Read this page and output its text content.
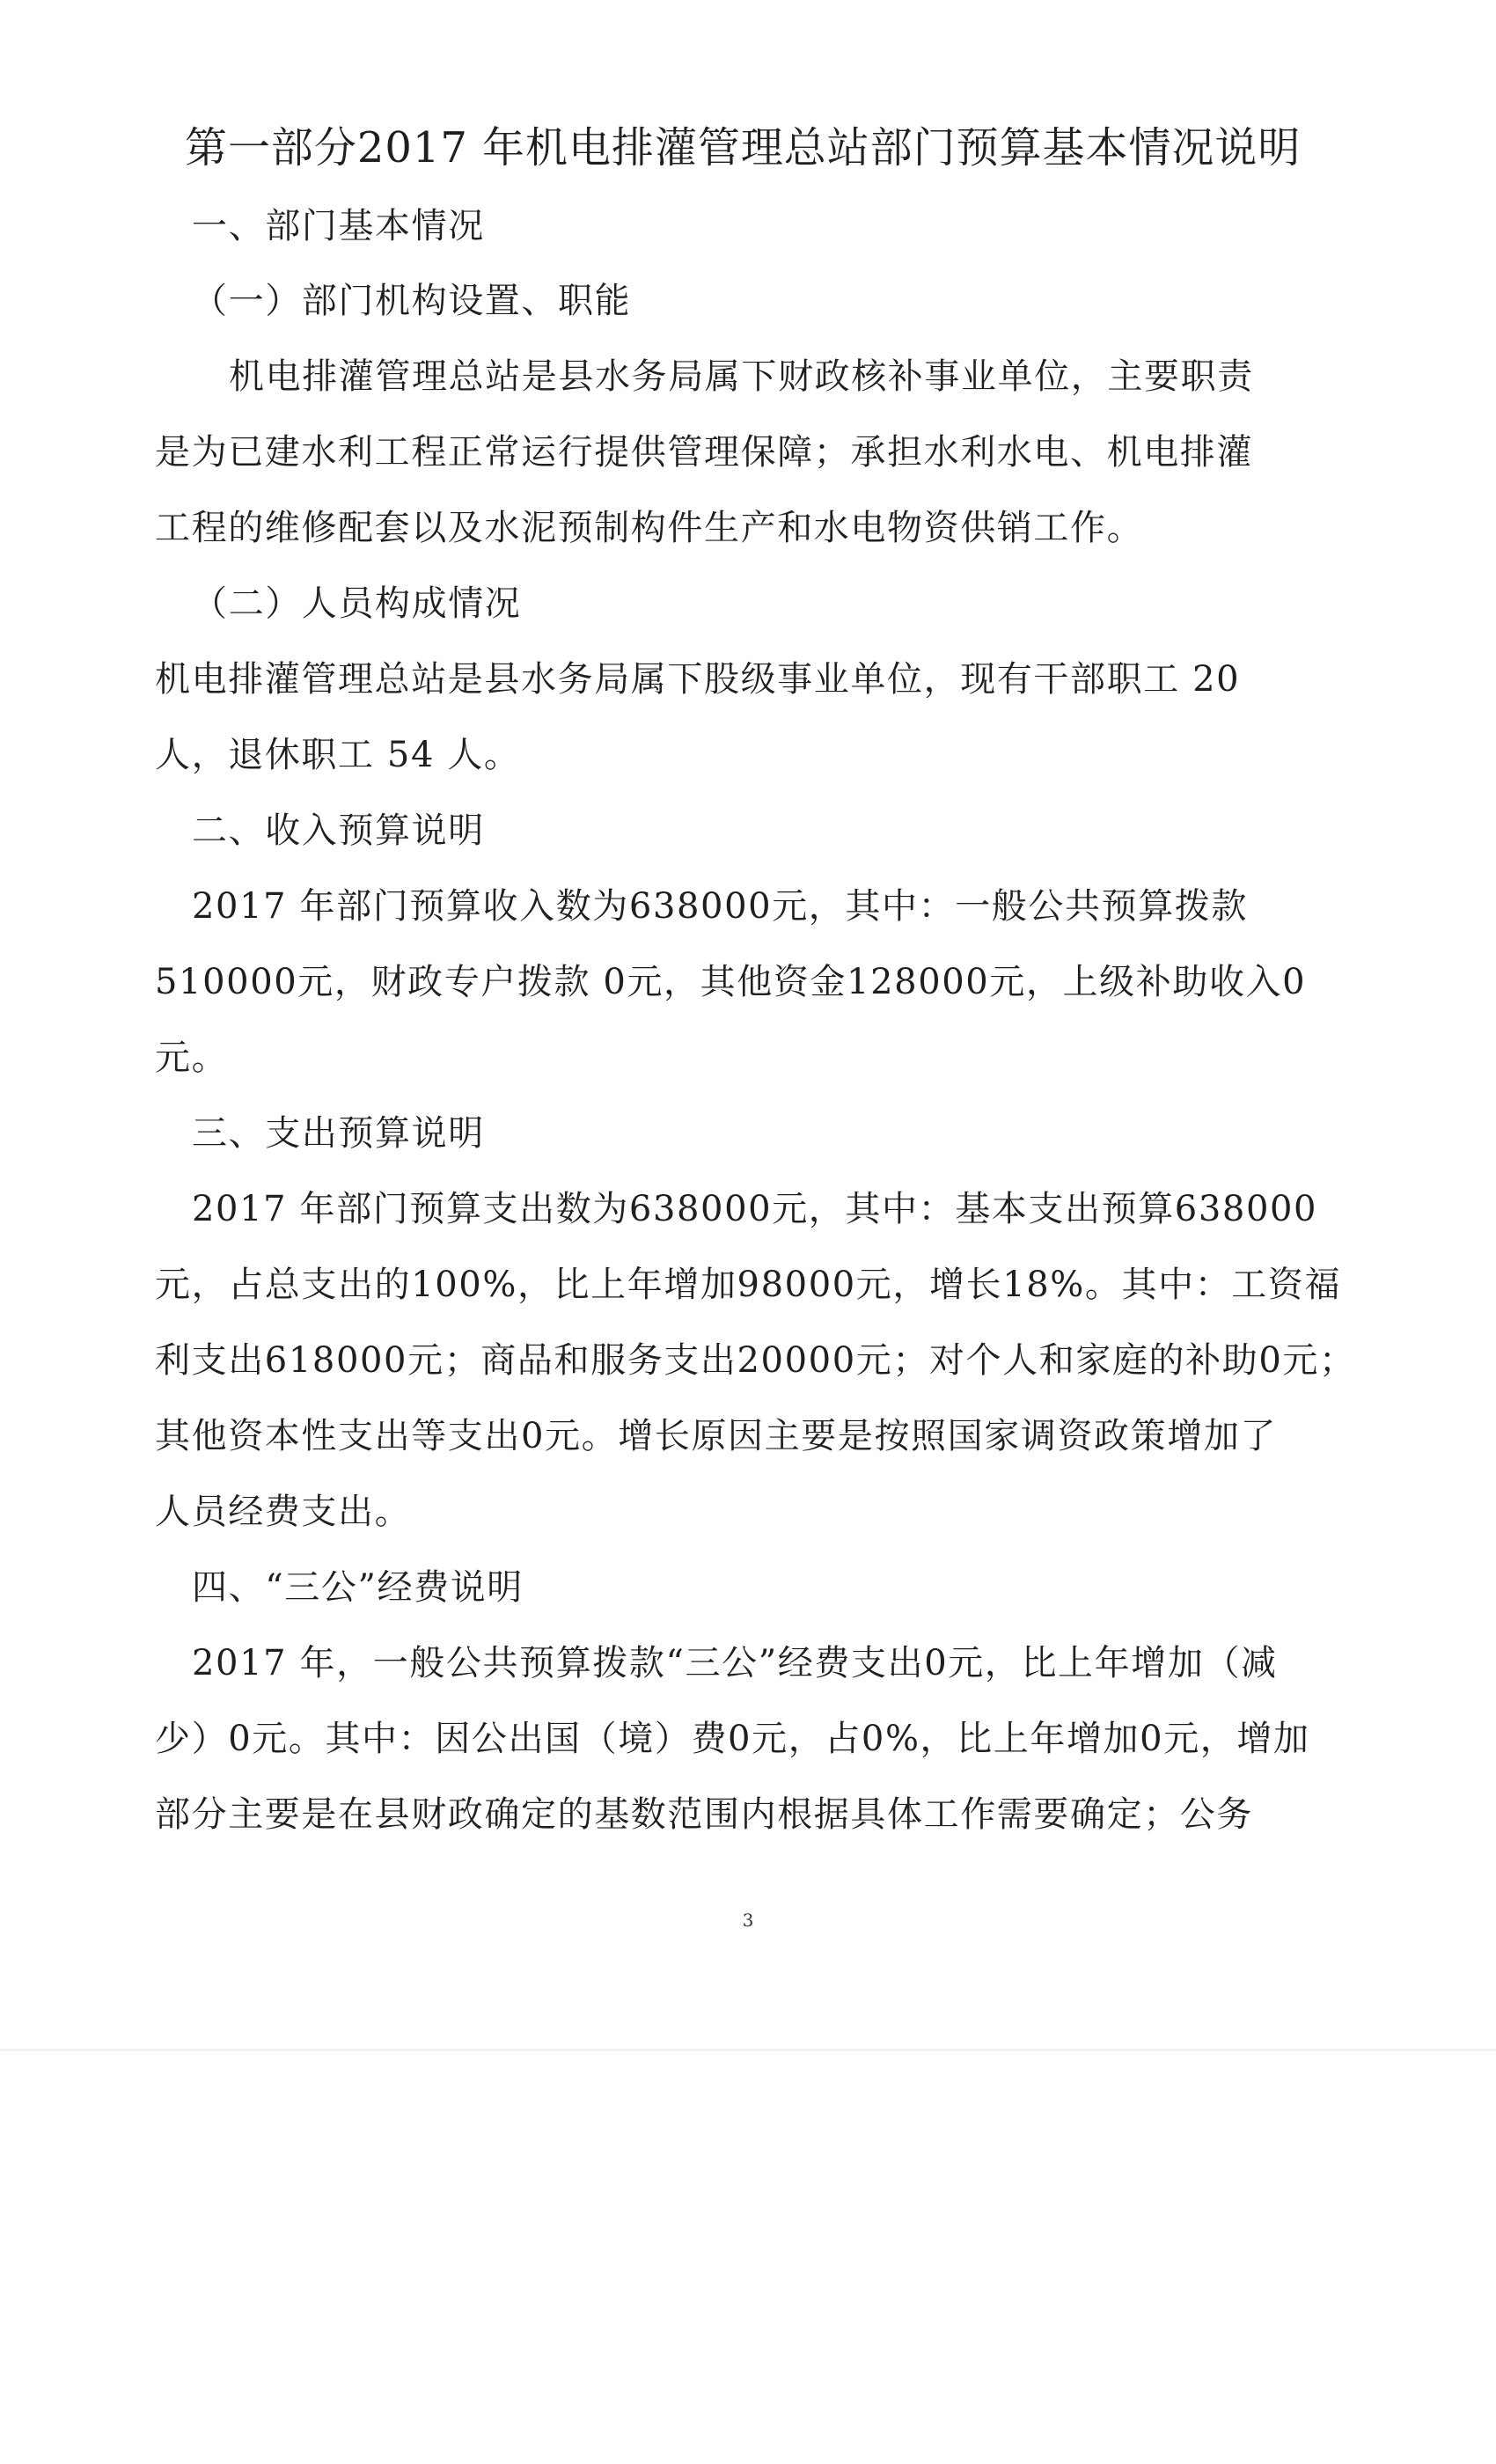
第一部分2017 年机电排灌管理总站部门预算基本情况说明
一、部门基本情况
（一）部门机构设置、职能
机电排灌管理总站是县水务局属下财政核补事业单位，主要职责
是为已建水利工程正常运行提供管理保障；承担水利水电、机电排灌
工程的维修配套以及水泥预制构件生产和水电物资供销工作。
（二）人员构成情况
机电排灌管理总站是县水务局属下股级事业单位，现有干部职工 20
人，退休职工 54 人。
二、收入预算说明
2017 年部门预算收入数为638000元，其中：一般公共预算拨款
510000元，财政专户拨款 0元，其他资金128000元，上级补助收入0
元。
三、支出预算说明
2017 年部门预算支出数为638000元，其中：基本支出预算638000
元，占总支出的100%，比上年增加98000元，增长18%。其中：工资福
利支出618000元；商品和服务支出20000元；对个人和家庭的补助0元；
其他资本性支出等支出0元。增长原因主要是按照国家调资政策增加了
人员经费支出。
四、“三公”经费说明
2017 年，一般公共预算拨款“三公”经费支出0元，比上年增加（减
少）0元。其中：因公出国（境）费0元，占0%，比上年增加0元，增加
部分主要是在县财政确定的基数范围内根据具体工作需要确定；公务
3
